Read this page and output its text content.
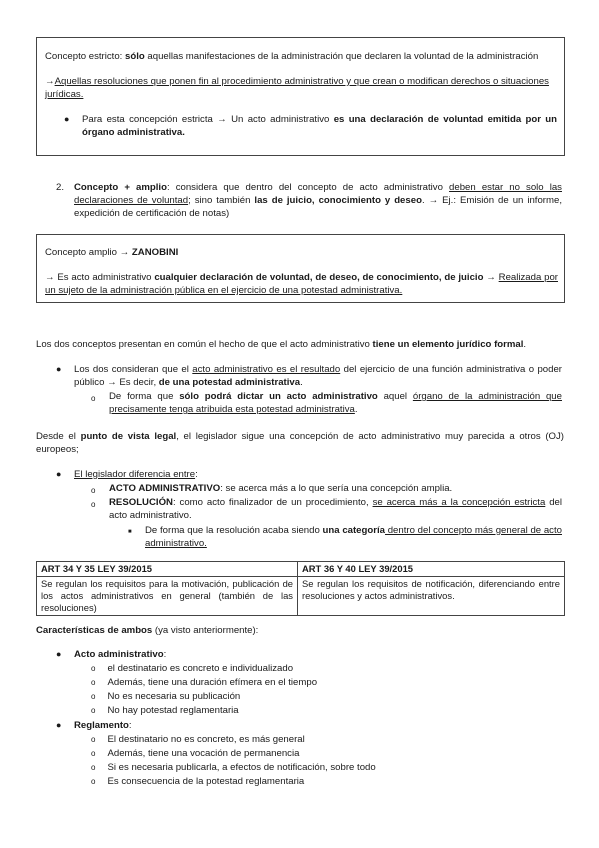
Concepto estricto: sólo aquellas manifestaciones de la administración que declaren la voluntad de la administración

→Aquellas resoluciones que ponen fin al procedimiento administrativo y que crean o modifican derechos o situaciones jurídicas.

● Para esta concepción estricta → Un acto administrativo es una declaración de voluntad emitida por un órgano administrativa.

2. Concepto + amplio: considera que dentro del concepto de acto administrativo deben estar no solo las declaraciones de voluntad; sino también las de juicio, conocimiento y deseo. → Ej.: Emisión de un informe, expedición de certificación de notas)

Concepto amplio → ZANOBINI

→ Es acto administrativo cualquier declaración de voluntad, de deseo, de conocimiento, de juicio → Realizada por un sujeto de la administración pública en el ejercicio de una potestad administrativa.

Los dos conceptos presentan en común el hecho de que el acto administrativo tiene un elemento jurídico formal.

● Los dos consideran que el acto administrativo es el resultado del ejercicio de una función administrativa o poder público → Es decir, de una potestad administrativa.

o De forma que sólo podrá dictar un acto administrativo aquel órgano de la administración que precisamente tenga atribuida esta potestad administrativa.

Desde el punto de vista legal, el legislador sigue una concepción de acto administrativo muy parecida a otros (OJ) europeos;

● El legislador diferencia entre:

o ACTO ADMINISTRATIVO: se acerca más a lo que sería una concepción amplia.

o RESOLUCIÓN: como acto finalizador de un procedimiento, se acerca más a la concepción estricta del acto administrativo.

■ De forma que la resolución acaba siendo una categoría dentro del concepto más general de acto administrativo.

ART 34 Y 35 LEY 39/2015	ART 36 Y 40 LEY 39/2015
Se regulan los requisitos para la motivación, publicación de los actos administrativos en general (también de las resoluciones)	Se regulan los requisitos de notificación, diferenciando entre resoluciones y actos administrativos.

Características de ambos (ya visto anteriormente):

● Acto administrativo:

o el destinatario es concreto e individualizado
o Además, tiene una duración efímera en el tiempo
o No es necesaria su publicación
o No hay potestad reglamentaria
● Reglamento:

o El destinatario no es concreto, es más general
o Además, tiene una vocación de permanencia
o Si es necesaria publicarla, a efectos de notificación, sobre todo
o Es consecuencia de la potestad reglamentaria
